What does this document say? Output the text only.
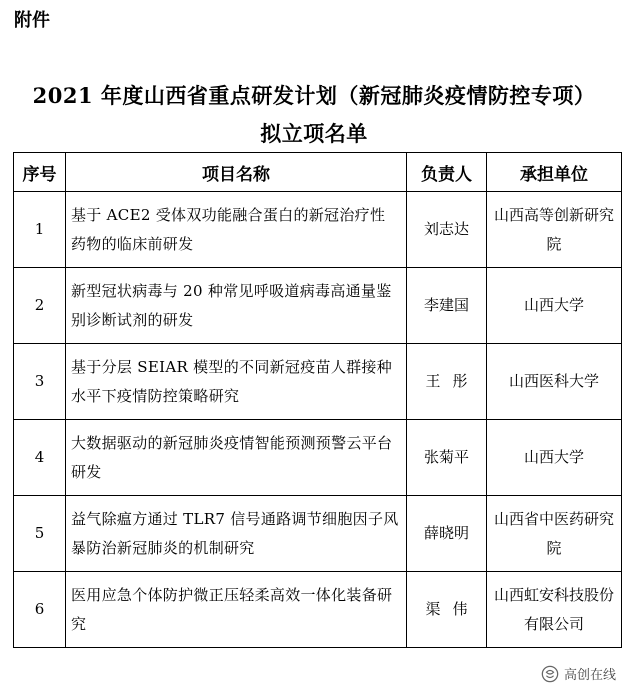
附件
2021 年度山西省重点研发计划（新冠肺炎疫情防控专项）
拟立项名单
序号	项目名称	负责人	承担单位
1	基于 ACE2 受体双功能融合蛋白的新冠治疗性药物的临床前研发	刘志达	山西高等创新研究院
2	新型冠状病毒与 20 种常见呼吸道病毒高通量鉴别诊断试剂的研发	李建国	山西大学
3	基于分层 SEIAR 模型的不同新冠疫苗人群接种水平下疫情防控策略研究	王彤	山西医科大学
4	大数据驱动的新冠肺炎疫情智能预测预警云平台研发	张菊平	山西大学
5	益气除瘟方通过 TLR7 信号通路调节细胞因子风暴防治新冠肺炎的机制研究	薛晓明	山西省中医药研究院
6	医用应急个体防护微正压轻柔高效一体化装备研究	渠伟	山西虹安科技股份有限公司
高创在线
